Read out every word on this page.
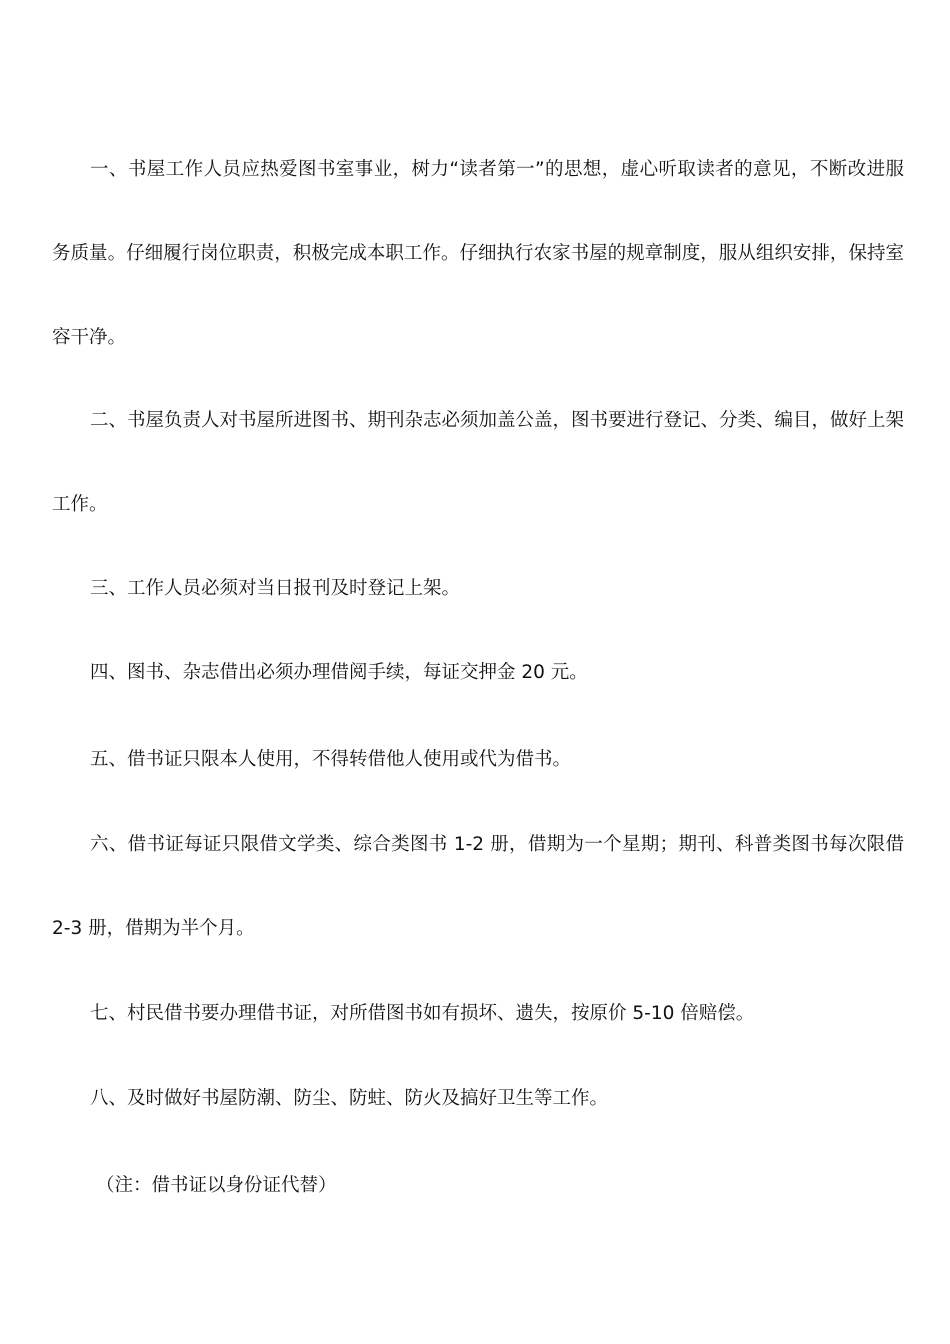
一、书屋工作人员应热爱图书室事业，树力“读者第一”的思想，虚心听取读者的意见，不断改进服务质量。仔细履行岗位职责，积极完成本职工作。仔细执行农家书屋的规章制度，服从组织安排，保持室容干净。

二、书屋负责人对书屋所进图书、期刊杂志必须加盖公盖，图书要进行登记、分类、编目，做好上架工作。

三、工作人员必须对当日报刊及时登记上架。

四、图书、杂志借出必须办理借阅手续，每证交押金 20 元。

五、借书证只限本人使用，不得转借他人使用或代为借书。

六、借书证每证只限借文学类、综合类图书 1-2 册，借期为一个星期；期刊、科普类图书每次限借 2-3 册，借期为半个月。

七、村民借书要办理借书证，对所借图书如有损坏、遗失，按原价 5-10 倍赔偿。

八、及时做好书屋防潮、防尘、防蛀、防火及搞好卫生等工作。

（注：借书证以身份证代替）
